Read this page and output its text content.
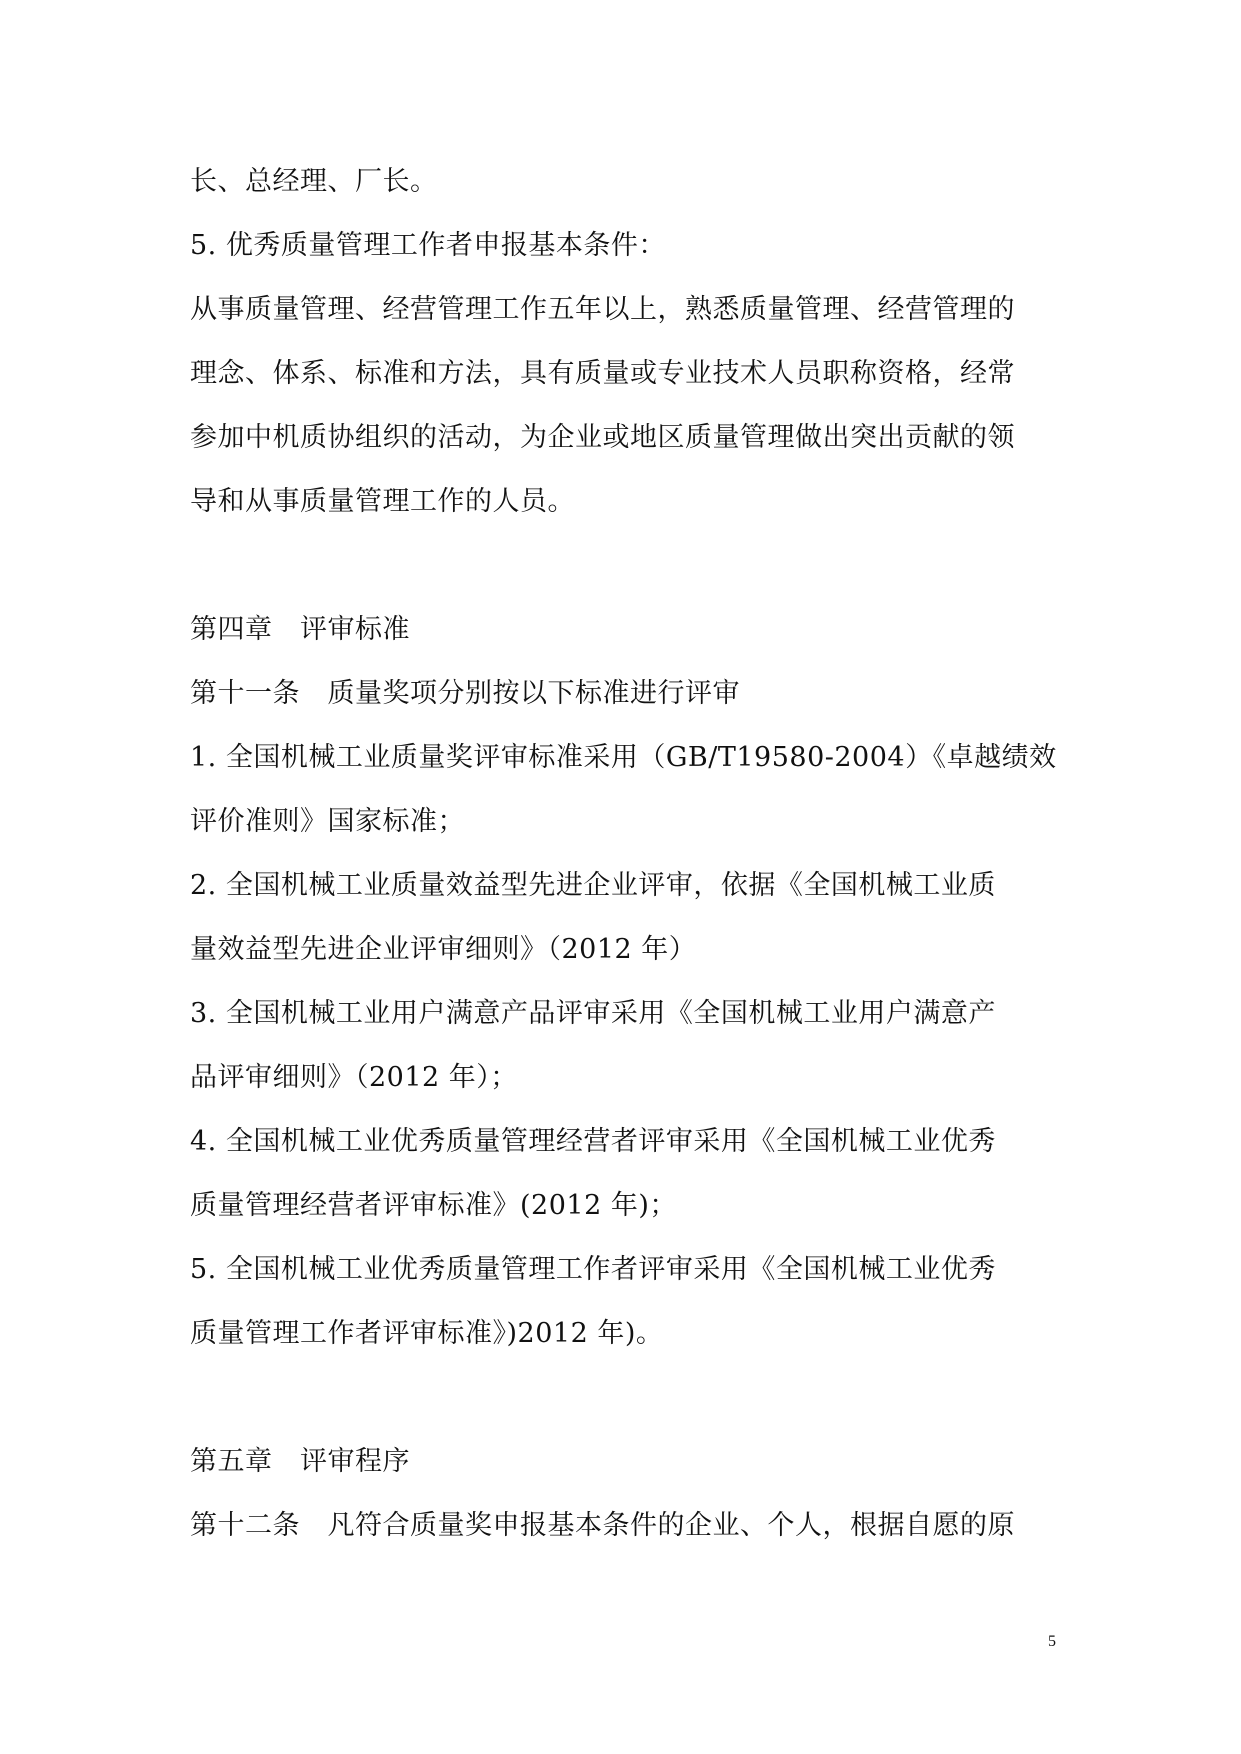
长、总经理、厂长。
5. 优秀质量管理工作者申报基本条件：
从事质量管理、经营管理工作五年以上，熟悉质量管理、经营管理的
理念、体系、标准和方法，具有质量或专业技术人员职称资格，经常
参加中机质协组织的活动，为企业或地区质量管理做出突出贡献的领
导和从事质量管理工作的人员。
第四章　评审标准
第十一条　质量奖项分别按以下标准进行评审
1. 全国机械工业质量奖评审标准采用（GB/T19580-2004）《卓越绩效
评价准则》国家标准；
2. 全国机械工业质量效益型先进企业评审，依据《全国机械工业质
量效益型先进企业评审细则》（2012 年）
3. 全国机械工业用户满意产品评审采用《全国机械工业用户满意产
品评审细则》（2012 年）；
4. 全国机械工业优秀质量管理经营者评审采用《全国机械工业优秀
质量管理经营者评审标准》(2012 年)；
5. 全国机械工业优秀质量管理工作者评审采用《全国机械工业优秀
质量管理工作者评审标准》)2012 年)。
第五章　评审程序
第十二条　凡符合质量奖申报基本条件的企业、个人，根据自愿的原
5
